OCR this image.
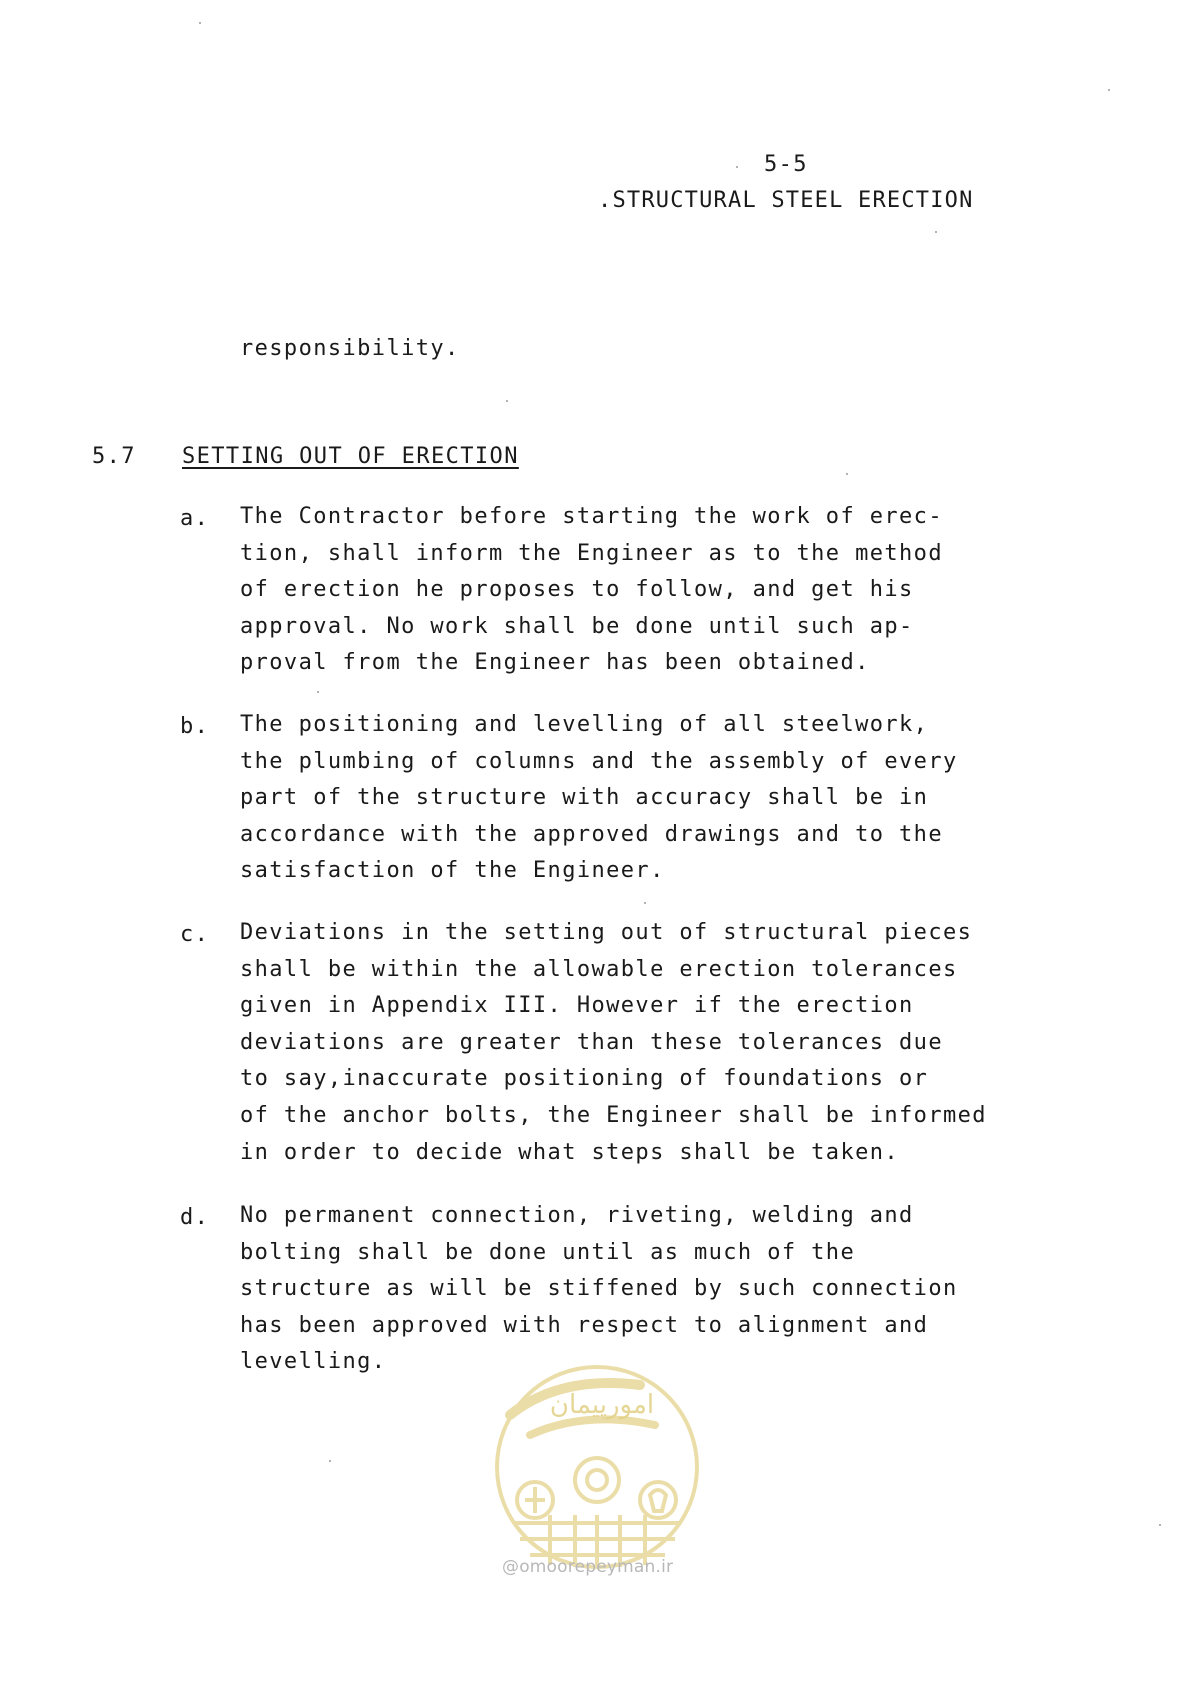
5-5
.STRUCTURAL STEEL ERECTION
responsibility.
5.7 SETTING OUT OF ERECTION
a. The Contractor before starting the work of erec-
tion, shall inform the Engineer as to the method
of erection he proposes to follow, and get his
approval. No work shall be done until such ap-
proval from the Engineer has been obtained.
b. The positioning and levelling of all steelwork,
the plumbing of columns and the assembly of every
part of the structure with accuracy shall be in
accordance with the approved drawings and to the
satisfaction of the Engineer.
c. Deviations in the setting out of structural pieces
shall be within the allowable erection tolerances
given in Appendix III. However if the erection
deviations are greater than these tolerances due
to say,inaccurate positioning of foundations or
of the anchor bolts, the Engineer shall be informed
in order to decide what steps shall be taken.
d. No permanent connection, riveting, welding and
bolting shall be done until as much of the
structure as will be stiffened by such connection
has been approved with respect to alignment and
levelling.
امورپیمان
@omoorepeyman.ir
